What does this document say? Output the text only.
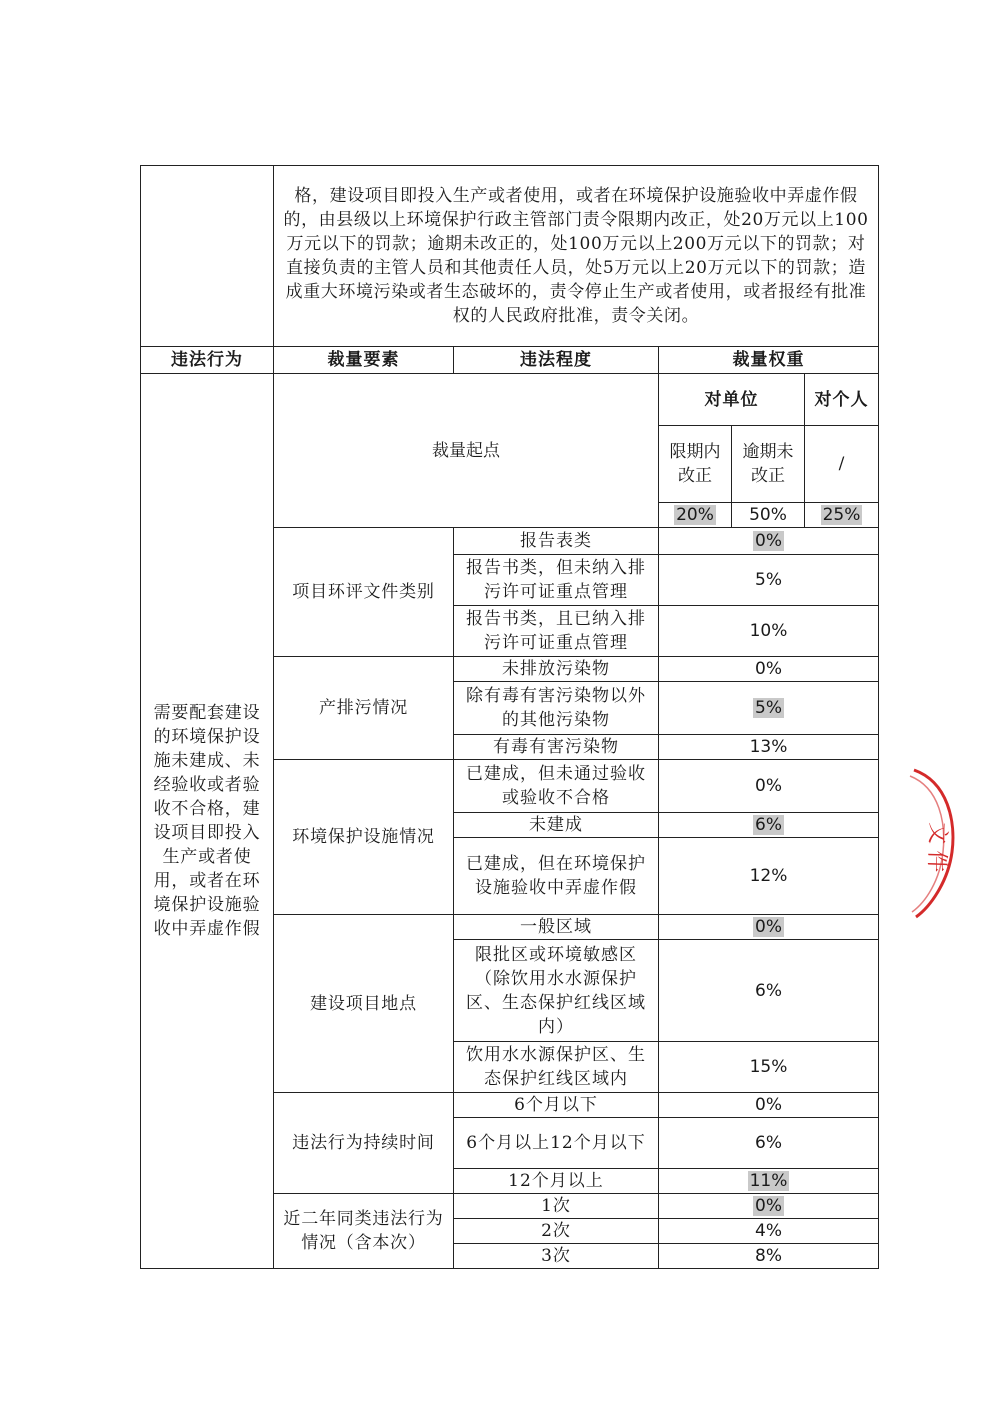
	格，建设项目即投入生产或者使用，或者在环境保护设施验收中弄虚作假的，由县级以上环境保护行政主管部门责令限期内改正，处20万元以上100万元以下的罚款；逾期未改正的，处100万元以上200万元以下的罚款；对直接负责的主管人员和其他责任人员，处5万元以上20万元以下的罚款；造成重大环境污染或者生态破坏的，责令停止生产或者使用，或者报经有批准权的人民政府批准，责令关闭。				
违法行为	裁量要素	违法程度	裁量权重		
需要配套建设的环境保护设施未建成、未经验收或者验收不合格，建设项目即投入生产或者使用，或者在环境保护设施验收中弄虚作假	裁量起点		对单位		对个人
			限期内改正	逾期未改正	/
			20%	50%	25%
	项目环评文件类别	报告表类	0%		
		报告书类，但未纳入排污许可证重点管理	5%		
		报告书类，且已纳入排污许可证重点管理	10%		
	产排污情况	未排放污染物	0%		
		除有毒有害污染物以外的其他污染物	5%		
		有毒有害污染物	13%		
	环境保护设施情况	已建成，但未通过验收或验收不合格	0%		
		未建成	6%		
		已建成，但在环境保护设施验收中弄虚作假	12%		
	建设项目地点	一般区域	0%		
		限批区或环境敏感区（除饮用水水源保护区、生态保护红线区域内）	6%		
		饮用水水源保护区、生态保护红线区域内	15%		
	违法行为持续时间	6个月以下	0%		
		6个月以上12个月以下	6%		
		12个月以上	11%		
	近二年同类违法行为情况（含本次）	1次	0%		
		2次	4%		
		3次	8%		
文件
